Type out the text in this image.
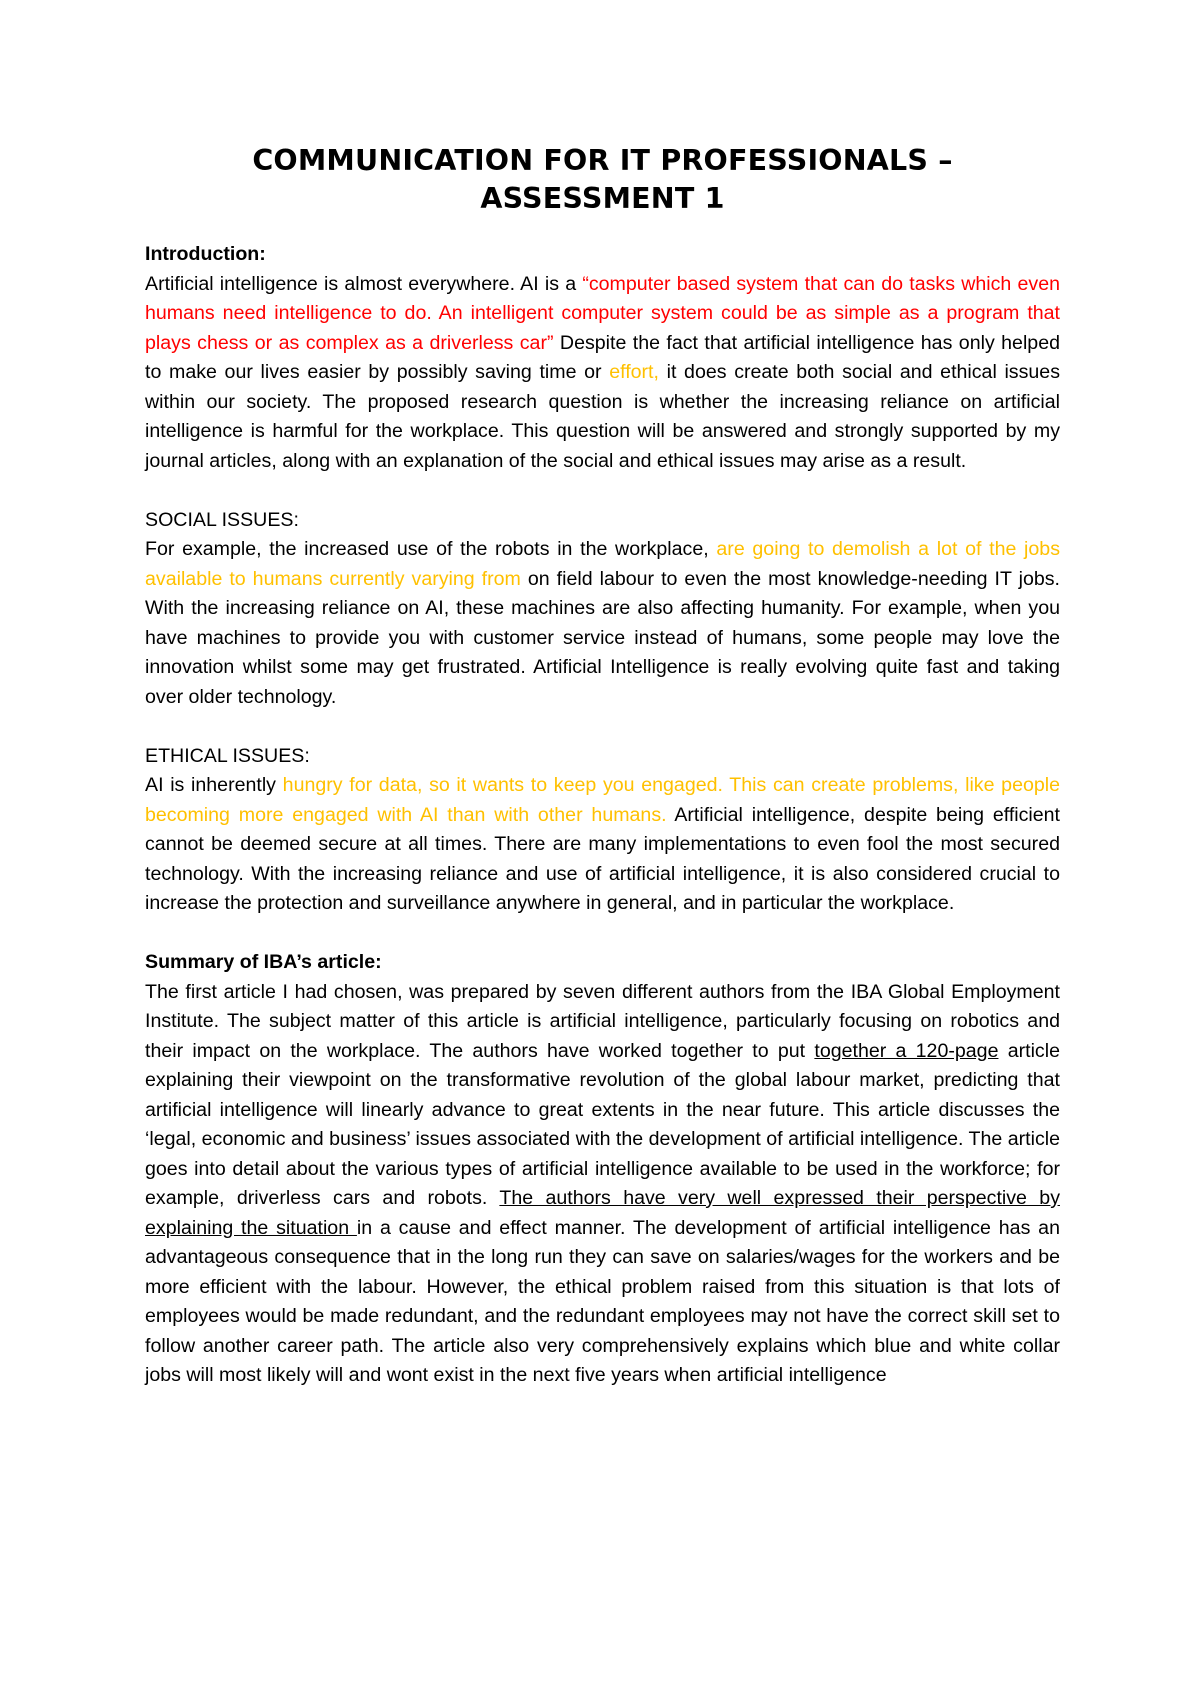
COMMUNICATION FOR IT PROFESSIONALS – ASSESSMENT 1
Introduction:

Artificial intelligence is almost everywhere. AI is a “computer based system that can do tasks which even humans need intelligence to do. An intelligent computer system could be as simple as a program that plays chess or as complex as a driverless car” Despite the fact that artificial intelligence has only helped to make our lives easier by possibly saving time or effort, it does create both social and ethical issues within our society. The proposed research question is whether the increasing reliance on artificial intelligence is harmful for the workplace. This question will be answered and strongly supported by my journal articles, along with an explanation of the social and ethical issues may arise as a result.

SOCIAL ISSUES:

For example, the increased use of the robots in the workplace, are going to demolish a lot of the jobs available to humans currently varying from on field labour to even the most knowledge-needing IT jobs. With the increasing reliance on AI, these machines are also affecting humanity. For example, when you have machines to provide you with customer service instead of humans, some people may love the innovation whilst some may get frustrated. Artificial Intelligence is really evolving quite fast and taking over older technology.

ETHICAL ISSUES:

AI is inherently hungry for data, so it wants to keep you engaged. This can create problems, like people becoming more engaged with AI than with other humans. Artificial intelligence, despite being efficient cannot be deemed secure at all times. There are many implementations to even fool the most secured technology. With the increasing reliance and use of artificial intelligence, it is also considered crucial to increase the protection and surveillance anywhere in general, and in particular the workplace.

Summary of IBA’s article:

The first article I had chosen, was prepared by seven different authors from the IBA Global Employment Institute. The subject matter of this article is artificial intelligence, particularly focusing on robotics and their impact on the workplace. The authors have worked together to put together a 120-page article explaining their viewpoint on the transformative revolution of the global labour market, predicting that artificial intelligence will linearly advance to great extents in the near future. This article discusses the ‘legal, economic and business’ issues associated with the development of artificial intelligence. The article goes into detail about the various types of artificial intelligence available to be used in the workforce; for example, driverless cars and robots. The authors have very well expressed their perspective by explaining the situation in a cause and effect manner. The development of artificial intelligence has an advantageous consequence that in the long run they can save on salaries/wages for the workers and be more efficient with the labour. However, the ethical problem raised from this situation is that lots of employees would be made redundant, and the redundant employees may not have the correct skill set to follow another career path. The article also very comprehensively explains which blue and white collar jobs will most likely will and wont exist in the next five years when artificial intelligence
